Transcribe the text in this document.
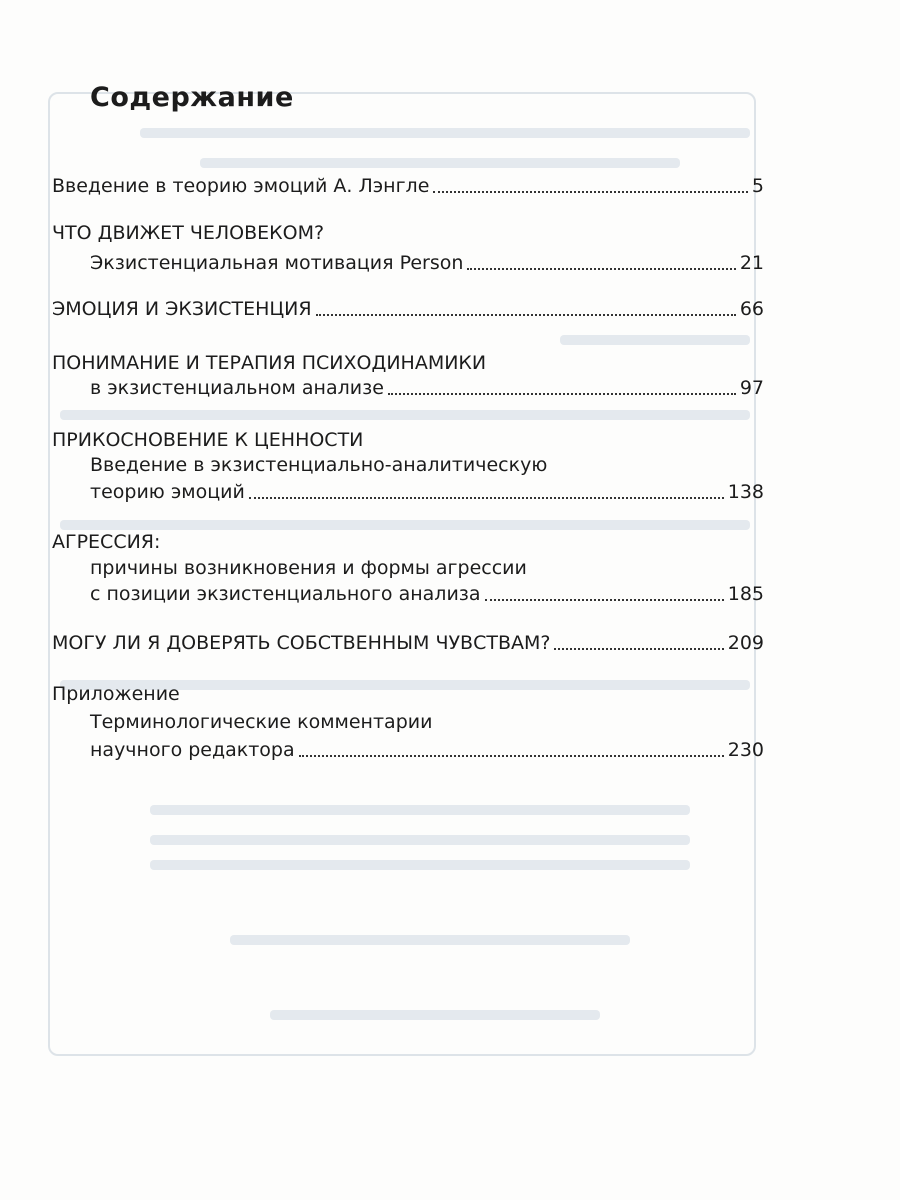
Содержание
Введение в теорию эмоций А. Лэнгле	5
ЧТО ДВИЖЕТ ЧЕЛОВЕКОМ?
Экзистенциальная мотивация Person	21
ЭМОЦИЯ И ЭКЗИСТЕНЦИЯ	66
ПОНИМАНИЕ И ТЕРАПИЯ ПСИХОДИНАМИКИ
в экзистенциальном анализе	97
ПРИКОСНОВЕНИЕ К ЦЕННОСТИ
Введение в экзистенциально-аналитическую
теорию эмоций	138
АГРЕССИЯ:
причины возникновения и формы агрессии
с позиции экзистенциального анализа	185
МОГУ ЛИ Я ДОВЕРЯТЬ СОБСТВЕННЫМ ЧУВСТВАМ?	209
Приложение
Терминологические комментарии
научного редактора	230
